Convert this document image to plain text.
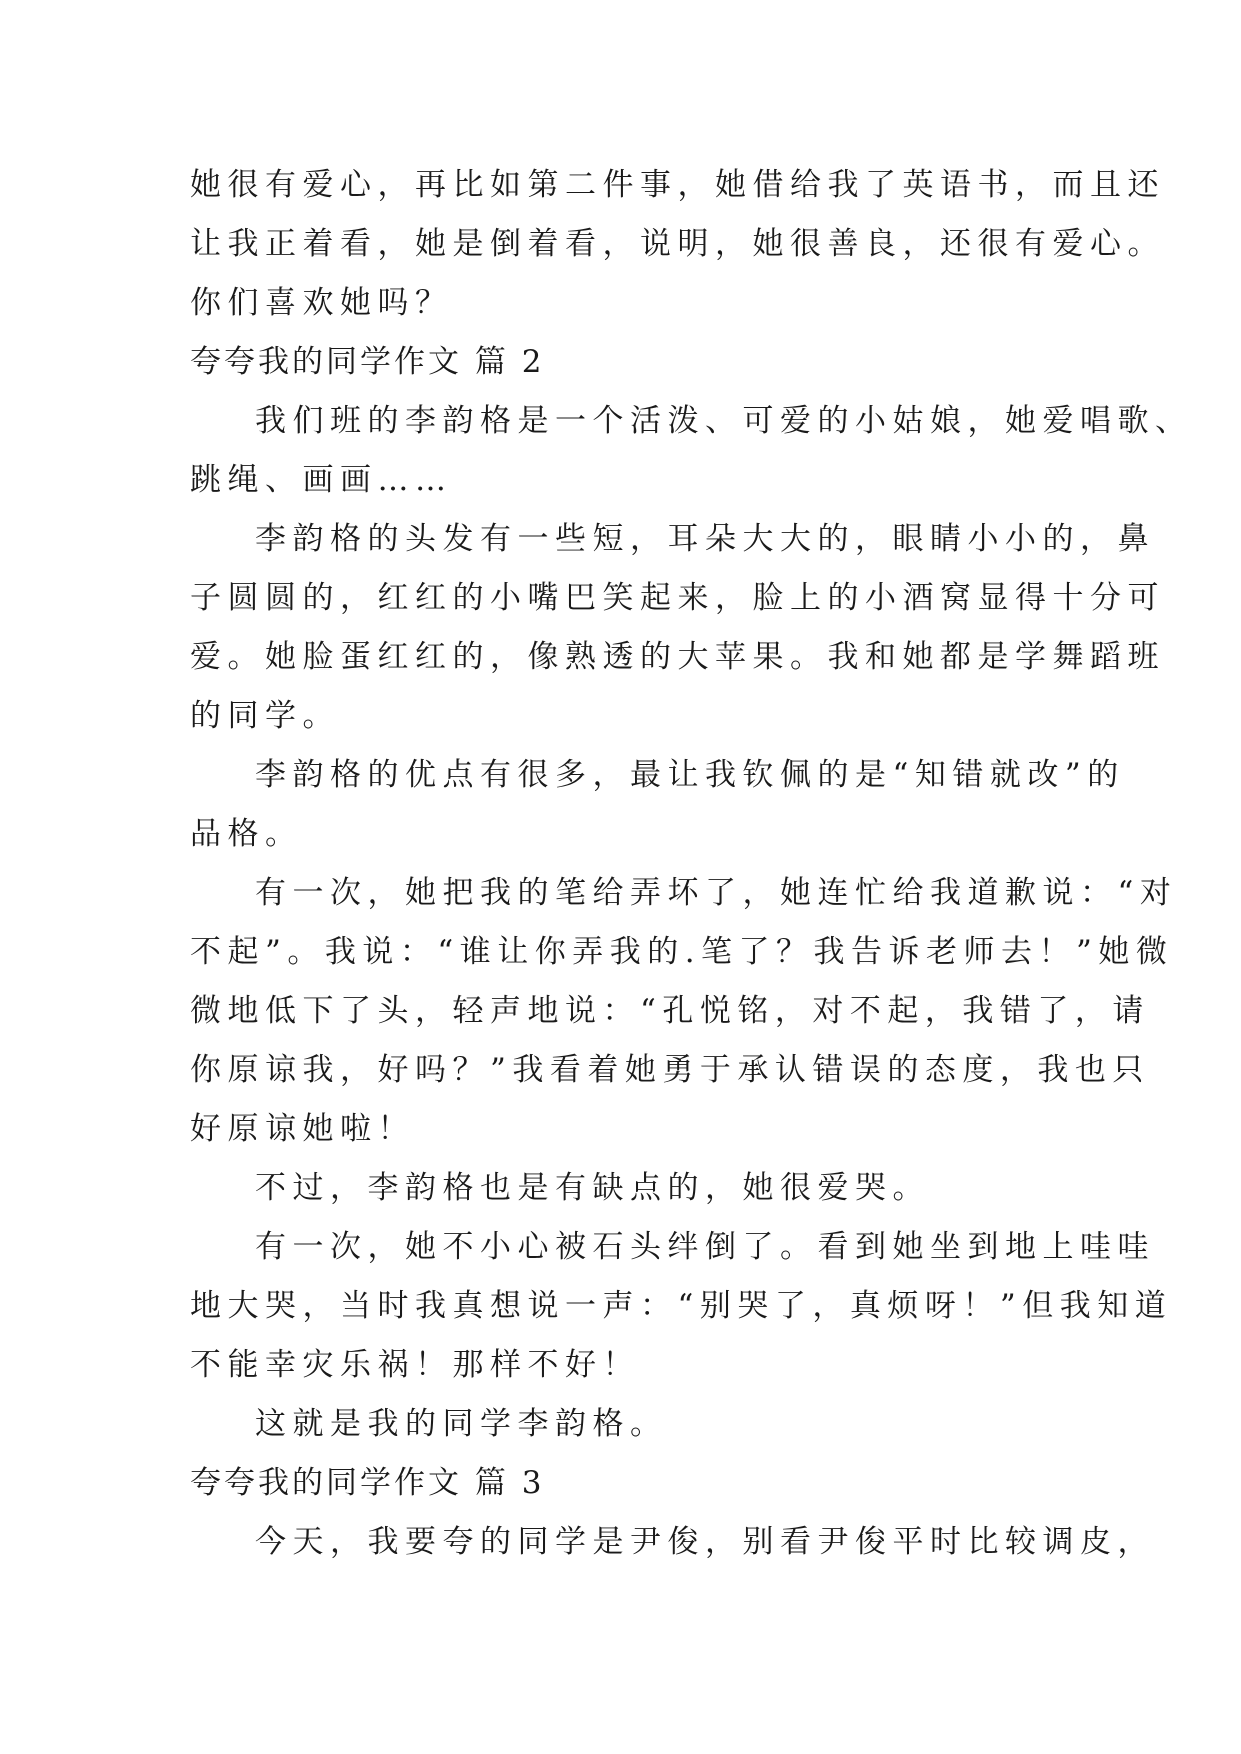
她很有爱心，再比如第二件事，她借给我了英语书，而且还
让我正着看，她是倒着看，说明，她很善良，还很有爱心。
你们喜欢她吗？
夸夸我的同学作文 篇 2
我们班的李韵格是一个活泼、可爱的小姑娘，她爱唱歌、
跳绳、画画……
李韵格的头发有一些短，耳朵大大的，眼睛小小的，鼻
子圆圆的，红红的小嘴巴笑起来，脸上的小酒窝显得十分可
爱。她脸蛋红红的，像熟透的大苹果。我和她都是学舞蹈班
的同学。
李韵格的优点有很多，最让我钦佩的是“知错就改”的
品格。
有一次，她把我的笔给弄坏了，她连忙给我道歉说：“对
不起”。我说：“谁让你弄我的.笔了？我告诉老师去！”她微
微地低下了头，轻声地说：“孔悦铭，对不起，我错了，请
你原谅我，好吗？”我看着她勇于承认错误的态度，我也只
好原谅她啦！
不过，李韵格也是有缺点的，她很爱哭。
有一次，她不小心被石头绊倒了。看到她坐到地上哇哇
地大哭，当时我真想说一声：“别哭了，真烦呀！”但我知道
不能幸灾乐祸！那样不好！
这就是我的同学李韵格。
夸夸我的同学作文 篇 3
今天，我要夸的同学是尹俊，别看尹俊平时比较调皮，
